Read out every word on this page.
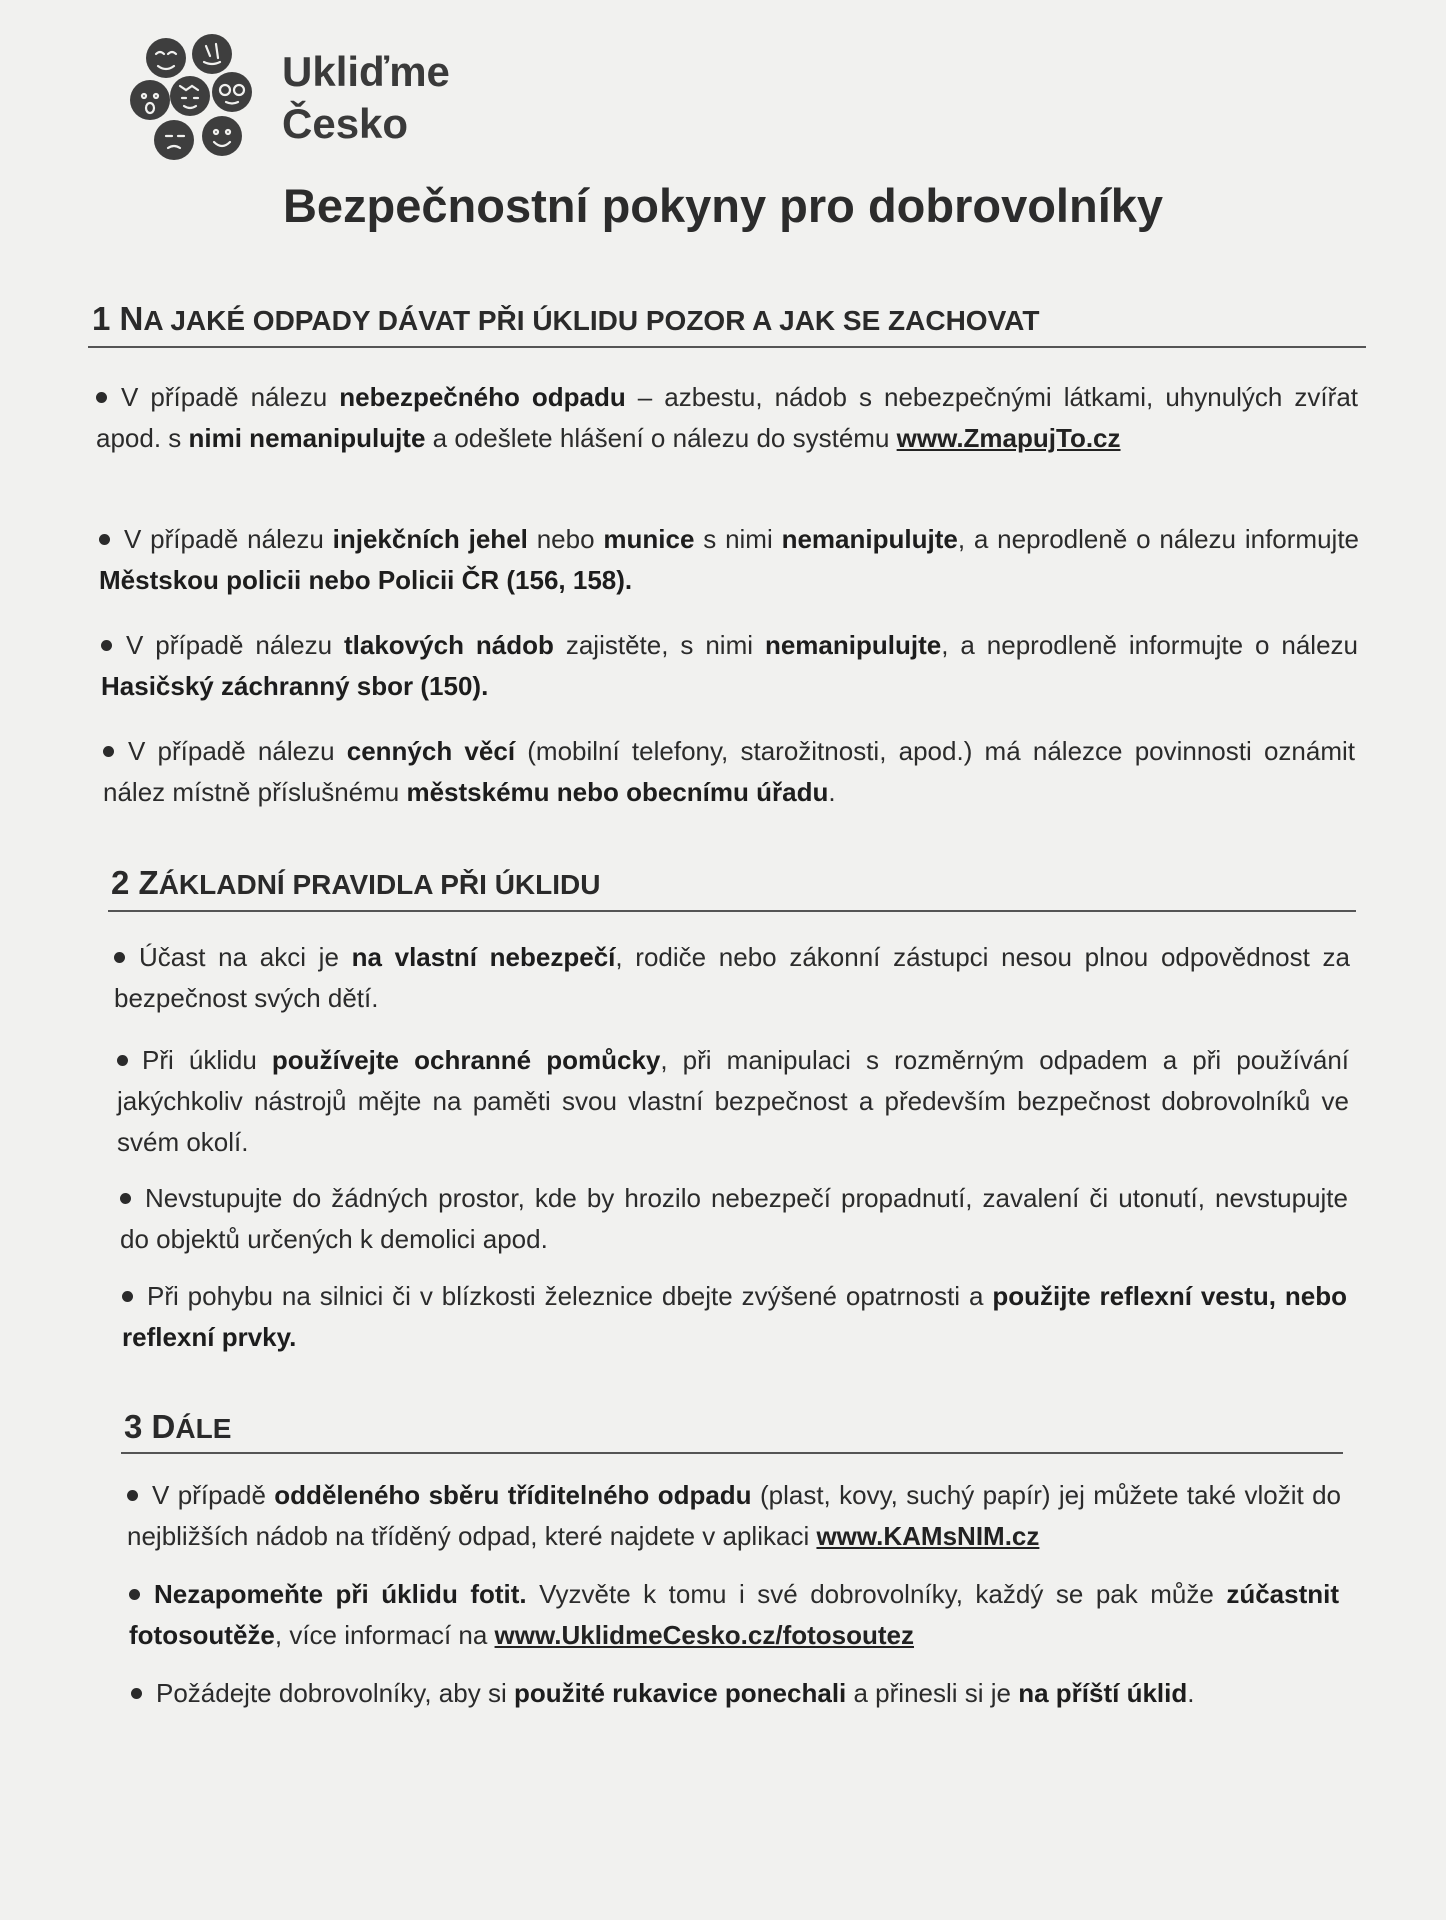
Ukliďme
Česko
Bezpečnostní pokyny pro dobrovolníky
1 NA JAKÉ ODPADY DÁVAT PŘI ÚKLIDU POZOR A JAK SE ZACHOVAT
V případě nálezu nebezpečného odpadu – azbestu, nádob s nebezpečnými látkami, uhynulých zvířat apod. s nimi nemanipulujte a odešlete hlášení o nálezu do systému www.ZmapujTo.cz
V případě nálezu injekčních jehel nebo munice s nimi nemanipulujte, a neprodleně o nálezu informujte Městskou policii nebo Policii ČR (156, 158).
V případě nálezu tlakových nádob zajistěte, s nimi nemanipulujte, a neprodleně informujte o nálezu Hasičský záchranný sbor (150).
V případě nálezu cenných věcí (mobilní telefony, starožitnosti, apod.) má nálezce povinnosti oznámit nález místně příslušnému městskému nebo obecnímu úřadu.
2 ZÁKLADNÍ PRAVIDLA PŘI ÚKLIDU
Účast na akci je na vlastní nebezpečí, rodiče nebo zákonní zástupci nesou plnou odpovědnost za bezpečnost svých dětí.
Při úklidu používejte ochranné pomůcky, při manipulaci s rozměrným odpadem a při používání jakýchkoliv nástrojů mějte na paměti svou vlastní bezpečnost a především bezpečnost dobrovolníků ve svém okolí.
Nevstupujte do žádných prostor, kde by hrozilo nebezpečí propadnutí, zavalení či utonutí, nevstupujte do objektů určených k demolici apod.
Při pohybu na silnici či v blízkosti železnice dbejte zvýšené opatrnosti a použijte reflexní vestu, nebo reflexní prvky.
3 DÁLE
V případě odděleného sběru tříditelného odpadu (plast, kovy, suchý papír) jej můžete také vložit do nejbližších nádob na tříděný odpad, které najdete v aplikaci www.KAMsNIM.cz
Nezapomeňte při úklidu fotit. Vyzvěte k tomu i své dobrovolníky, každý se pak může zúčastnit fotosoutěže, více informací na www.UklidmeCesko.cz/fotosoutez
Požádejte dobrovolníky, aby si použité rukavice ponechali a přinesli si je na příští úklid.
